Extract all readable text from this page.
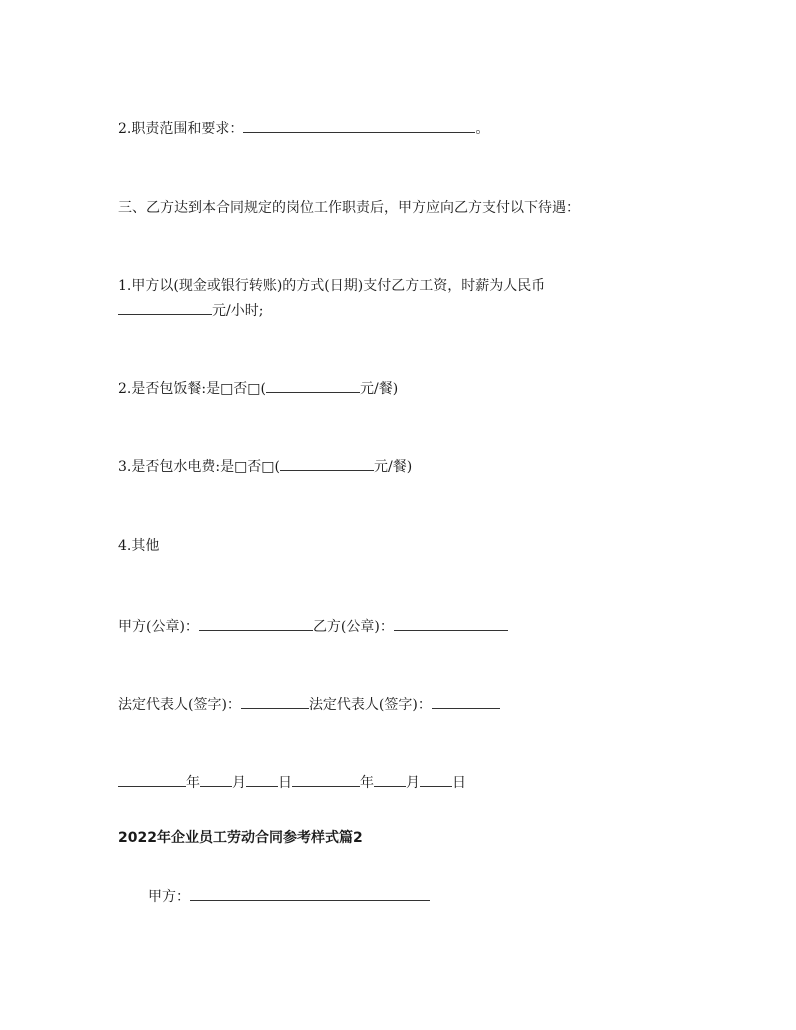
2.职责范围和要求：	。
三、乙方达到本合同规定的岗位工作职责后，甲方应向乙方支付以下待遇：
1.甲方以(现金或银行转账)的方式(日期)支付乙方工资，时薪为人民币
元/小时;
2.是否包饭餐:是□否□(	元/餐)
3.是否包水电费:是□否□(	元/餐)
4.其他
甲方(公章)：	乙方(公章)：
法定代表人(签字)：	法定代表人(签字)：
年 月 日	年 月 日
2022年企业员工劳动合同参考样式篇2
甲方：
